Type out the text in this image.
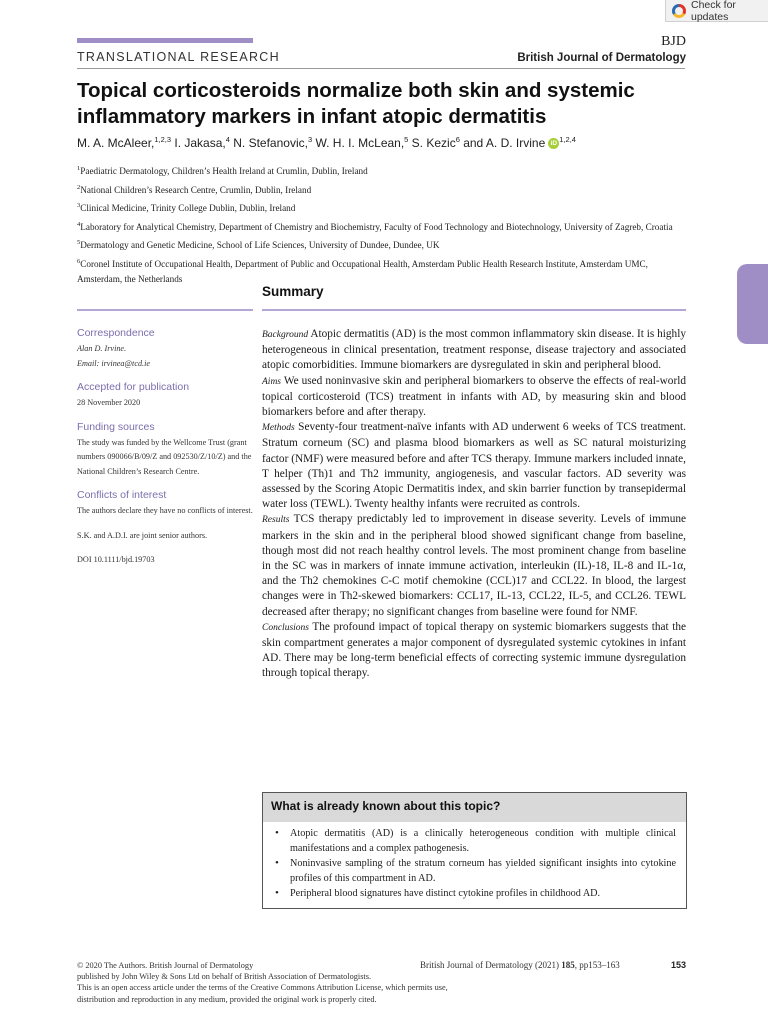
Check for updates
TRANSLATIONAL RESEARCH
BJD
British Journal of Dermatology
Topical corticosteroids normalize both skin and systemic inflammatory markers in infant atopic dermatitis
M. A. McAleer,$^{1,2,3}$ I. Jakasa,$^4$ N. Stefanovic,$^3$ W. H. I. McLean,$^5$ S. Kezic$^6$ and A. D. Irvine iD $^{1,2,4}$
$^1$Paediatric Dermatology, Children’s Health Ireland at Crumlin, Dublin, Ireland
$^2$National Children’s Research Centre, Crumlin, Dublin, Ireland
$^3$Clinical Medicine, Trinity College Dublin, Dublin, Ireland
$^4$Laboratory for Analytical Chemistry, Department of Chemistry and Biochemistry, Faculty of Food Technology and Biotechnology, University of Zagreb, Croatia
$^5$Dermatology and Genetic Medicine, School of Life Sciences, University of Dundee, Dundee, UK
$^6$Coronel Institute of Occupational Health, Department of Public and Occupational Health, Amsterdam Public Health Research Institute, Amsterdam UMC, Amsterdam, the Netherlands
Summary
Correspondence
Alan D. Irvine.
Email: irvinea@tcd.ie
Accepted for publication
28 November 2020
Funding sources
The study was funded by the Wellcome Trust (grant numbers 090066/B/09/Z and 092530/Z/10/Z) and the National Children’s Research Centre.
Conflicts of interest
The authors declare they have no conflicts of interest.
S.K. and A.D.I. are joint senior authors.
DOI 10.1111/bjd.19703

Background Atopic dermatitis (AD) is the most common inflammatory skin disease. It is highly heterogeneous in clinical presentation, treatment response, disease trajectory and associated atopic comorbidities. Immune biomarkers are dysregulated in skin and peripheral blood.

Aims We used noninvasive skin and peripheral biomarkers to observe the effects of real-world topical corticosteroid (TCS) treatment in infants with AD, by measuring skin and blood biomarkers before and after therapy.

Methods Seventy-four treatment-naïve infants with AD underwent 6 weeks of TCS treatment. Stratum corneum (SC) and plasma blood biomarkers as well as SC natural moisturizing factor (NMF) were measured before and after TCS therapy. Immune markers included innate, T helper (Th)1 and Th2 immunity, angiogenesis, and vascular factors. AD severity was assessed by the Scoring Atopic Dermatitis index, and skin barrier function by transepidermal water loss (TEWL). Twenty healthy infants were recruited as controls.

Results TCS therapy predictably led to improvement in disease severity. Levels of immune markers in the skin and in the peripheral blood showed significant change from baseline, though most did not reach healthy control levels. The most prominent change from baseline in the SC was in markers of innate immune activation, interleukin (IL)-18, IL-8 and IL-1α, and the Th2 chemokines C-C motif chemokine (CCL)17 and CCL22. In blood, the largest changes were in Th2-skewed biomarkers: CCL17, IL-13, CCL22, IL-5, and CCL26. TEWL decreased after therapy; no significant changes from baseline were found for NMF.

Conclusions The profound impact of topical therapy on systemic biomarkers suggests that the skin compartment generates a major component of dysregulated systemic cytokines in infant AD. There may be long-term beneficial effects of correcting systemic immune dysregulation through topical therapy.

What is already known about this topic?
• Atopic dermatitis (AD) is a clinically heterogeneous condition with multiple clinical manifestations and a complex pathogenesis.
• Noninvasive sampling of the stratum corneum has yielded significant insights into cytokine profiles of this compartment in AD.
• Peripheral blood signatures have distinct cytokine profiles in childhood AD.
© 2020 The Authors. British Journal of Dermatology
published by John Wiley & Sons Ltd on behalf of British Association of Dermatologists.
This is an open access article under the terms of the Creative Commons Attribution License, which permits use,
distribution and reproduction in any medium, provided the original work is properly cited.
British Journal of Dermatology (2021) 185, pp153–163	153
